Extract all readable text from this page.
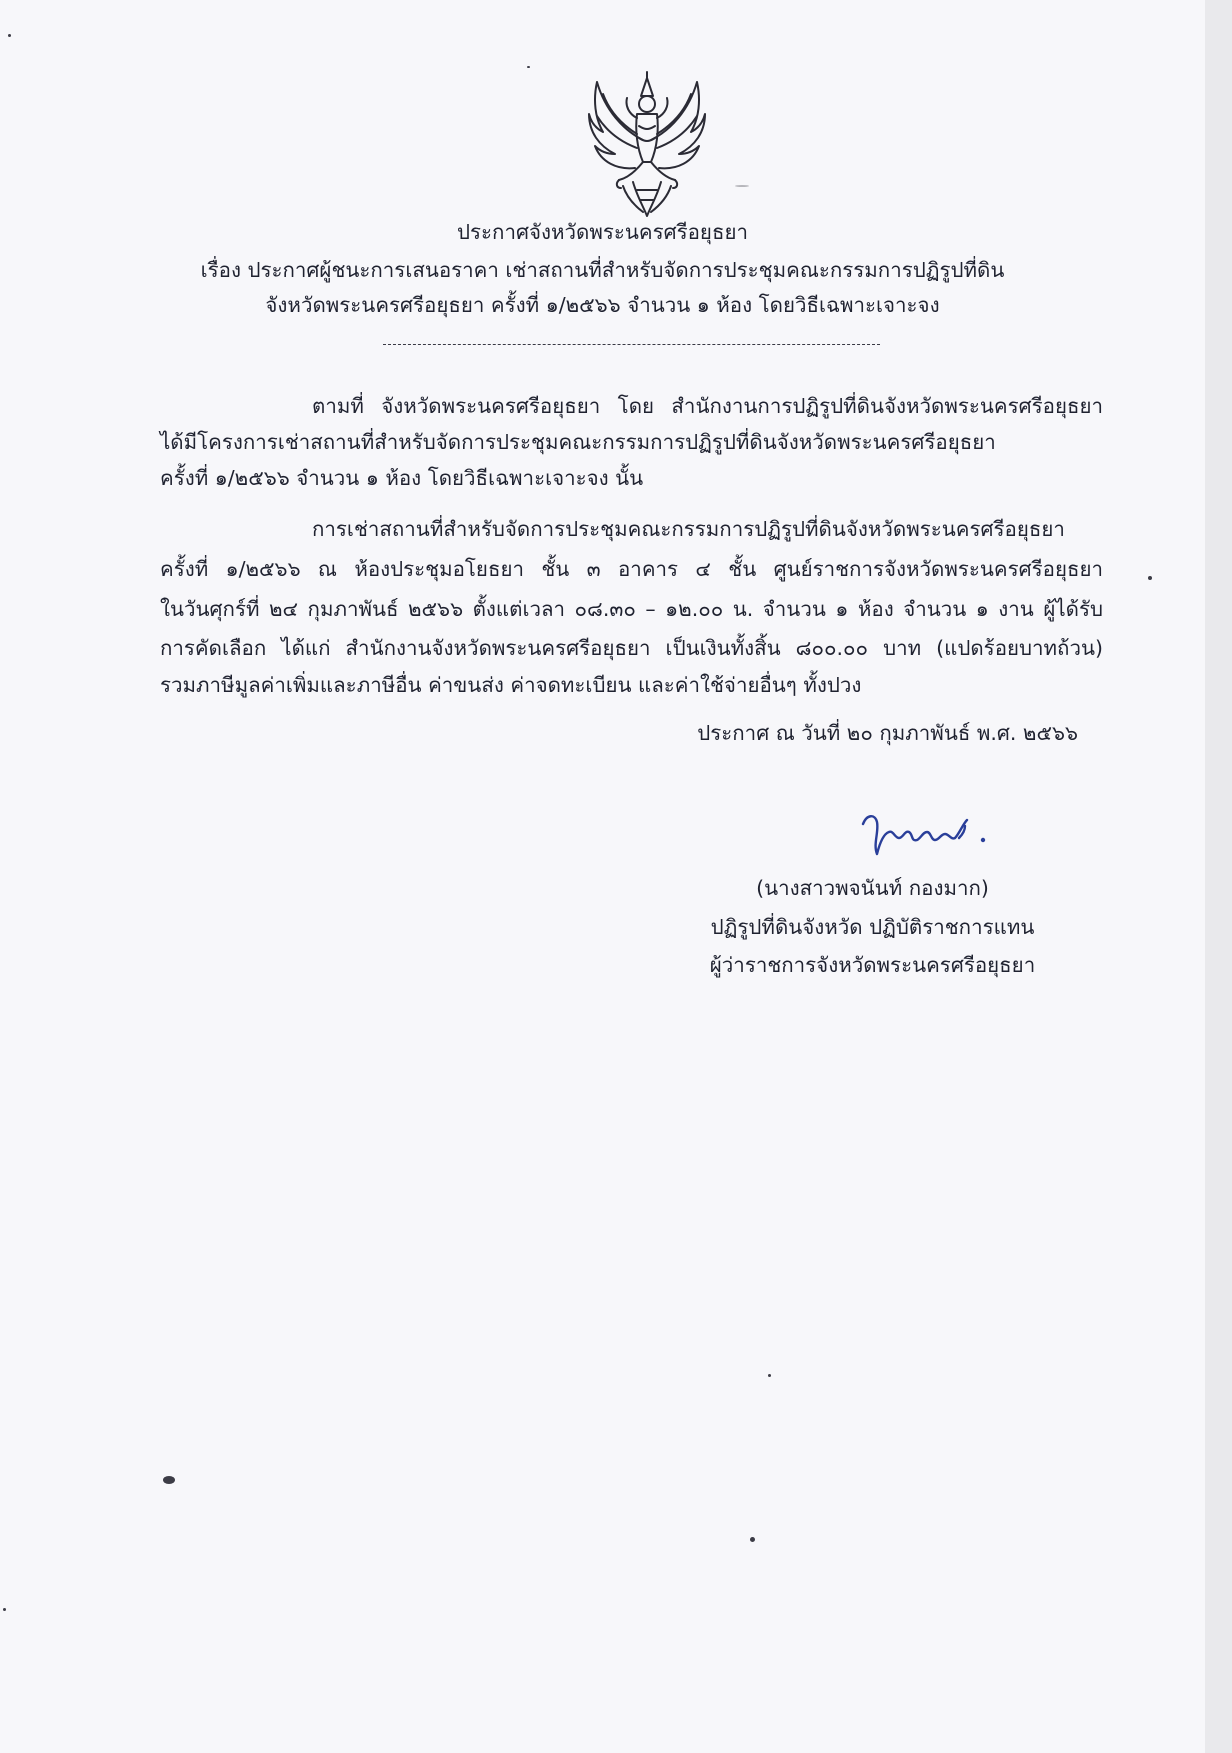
ประกาศจังหวัดพระนครศรีอยุธยา
เรื่อง ประกาศผู้ชนะการเสนอราคา เช่าสถานที่สำหรับจัดการประชุมคณะกรรมการปฏิรูปที่ดิน
จังหวัดพระนครศรีอยุธยา ครั้งที่ ๑/๒๕๖๖ จำนวน ๑ ห้อง โดยวิธีเฉพาะเจาะจง
ตามที่ จังหวัดพระนครศรีอยุธยา โดย สำนักงานการปฏิรูปที่ดินจังหวัดพระนครศรีอยุธยา
ได้มีโครงการเช่าสถานที่สำหรับจัดการประชุมคณะกรรมการปฏิรูปที่ดินจังหวัดพระนครศรีอยุธยา
ครั้งที่ ๑/๒๕๖๖ จำนวน ๑ ห้อง โดยวิธีเฉพาะเจาะจง นั้น
การเช่าสถานที่สำหรับจัดการประชุมคณะกรรมการปฏิรูปที่ดินจังหวัดพระนครศรีอยุธยา
ครั้งที่ ๑/๒๕๖๖ ณ ห้องประชุมอโยธยา ชั้น ๓ อาคาร ๔ ชั้น ศูนย์ราชการจังหวัดพระนครศรีอยุธยา
ในวันศุกร์ที่ ๒๔ กุมภาพันธ์ ๒๕๖๖ ตั้งแต่เวลา ๐๘.๓๐ – ๑๒.๐๐ น. จำนวน ๑ ห้อง จำนวน ๑ งาน ผู้ได้รับ
การคัดเลือก ได้แก่ สำนักงานจังหวัดพระนครศรีอยุธยา เป็นเงินทั้งสิ้น ๘๐๐.๐๐ บาท (แปดร้อยบาทถ้วน)
รวมภาษีมูลค่าเพิ่มและภาษีอื่น ค่าขนส่ง ค่าจดทะเบียน และค่าใช้จ่ายอื่นๆ ทั้งปวง
ประกาศ ณ วันที่ ๒๐ กุมภาพันธ์ พ.ศ. ๒๕๖๖
(นางสาวพจนันท์ กองมาก)
ปฏิรูปที่ดินจังหวัด ปฏิบัติราชการแทน
ผู้ว่าราชการจังหวัดพระนครศรีอยุธยา
